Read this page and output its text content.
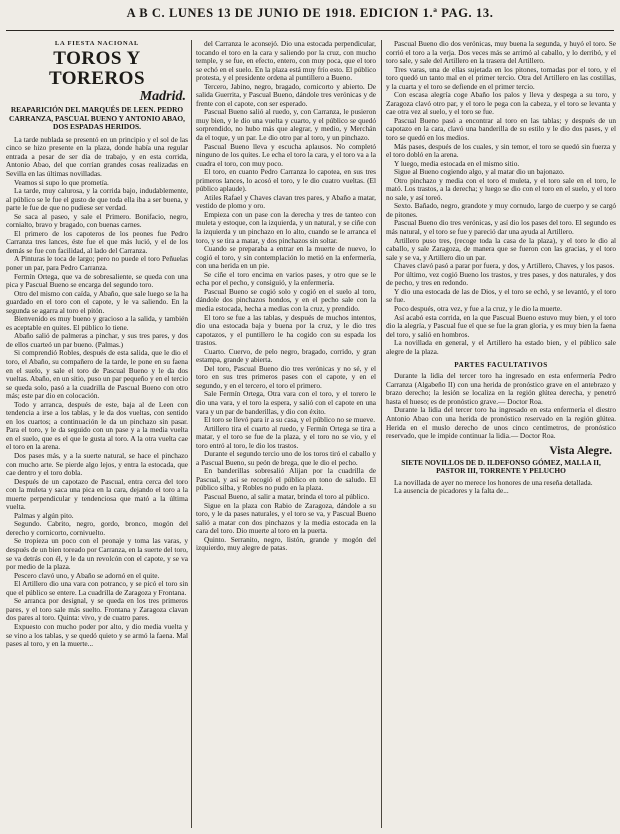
A B C. LUNES 13 DE JUNIO DE 1918. EDICION 1.ª PAG. 13.
LA FIESTA NACIONAL
TOROS Y TOREROS
Madrid.
REAPARICIÓN DEL MARQUÉS DE LEEN. PEDRO CARRANZA, PASCUAL BUENO Y ANTONIO ABAO, DOS ESPADAS HERIDOS.

La tarde nublada se presentó en un principio y el sol de las cinco se hizo presente en la plaza, donde había una regular entrada a pesar de ser día de trabajo, y en esta corrida, Antonio Abao, del que corrían grandes cosas realizadas en Sevilla en las últimas novilladas.

Veamos si supo lo que prometía.

La tarde, muy calurosa, y la corrida bajo, indudablemente, al público se le fue el gusto de que toda ella iba a ser buena, y parte le fue de que no pudiese ser verdad.

Se saca al paseo, y sale el Primero. Bonifacio, negro, cornialto, bravo y bragado, con buenas carnes.

El primero de los capoteros de los peones fue Pedro Carranza tres lances, éste fue el que más lució, y el de los demás se fue con facilidad, al lado del Carranza.

A Pinturas le toca de largo; pero no puede el toro Peñuelas poner un par, para Pedro Carranza.

Fermín Ortega, que va de sobresaliente, se queda con una pica y Pascual Bueno se encarga del segundo toro.

Otro del mismo con caída, y Abaño, que sale luego se la ha guardado en el toro con el capote, y le va saliendo. En la segunda se agarra al toro el pitón.

Bienvenido es muy bueno y gracioso a la salida, y también es aceptable en quites. El público lo tiene.

Abaño salió de palmeras a pinchar, y sus tres pares, y dos de ellos cuarteó un par bueno. (Palmas.)

Si comprendió Robles, después de esta salida, que le dio el toro, el Abaño, su compañero de la tarde, le pone en su faena en el suelo, y sale el toro de Pascual Bueno y le da dos vueltas. Abaño, en un sitio, puso un par pequeño y en el tercio se queda solo, pasó a la cuadrilla de Pascual Bueno con otro más; este par dio en colocación.

Todo y arranca, después de este, baja al de Leen con tendencia a irse a los tablas, y le da dos vueltas, con sentido en los cuartos; a continuación le da un pinchazo sin pasar. Para el toro, y le da seguido con un pase y a la media vuelta en el suelo, que es el que le gusta al toro. A la otra vuelta cae el toro en la arena.

Dos pases más, y a la suerte natural, se hace el pinchazo con mucho arte. Se pierde algo lejos, y entra la estocada, que cae dentro y el toro dobla.

Después de un capotazo de Pascual, entra cerca del toro con la muleta y saca una pica en la cara, dejando el toro a la muerte perpendicular y tendenciosa que mató a la última vuelta.

Palmas y algún pito.

Segundo. Cabrito, negro, gordo, bronco, mogón del derecho y cornicorto, cornivuelto.

Se tropieza un poco con el peonaje y toma las varas, y después de un bien toreado por Carranza, en la suerte del toro, se va detrás con él, y le da un revolcón con el capote, y se va por medio de la plaza.

Pescero clavó uno, y Abaño se adornó en el quite.

El Artillero dio una vara con potranco, y se picó el toro sin que el público se entere. La cuadrilla de Zaragoza y Frontana.

Se arranca por designal, y se queda en los tres primeros pares, y el toro sale más suelto. Frontana y Zaragoza clavan dos pares al toro. Quinta: vivo, y de cuatro pares.

Expuesto con mucho poder por alto, y dio media vuelta y se vino a los tablas, y se quedó quieto y se armó la faena. Mal pases al toro, y en la muerte...

del Carranza le aconsejó. Dio una estocada perpendicular, tocando el toro en la cara y saliendo por la cruz, con mucho temple, y se fue, en efecto, entero, con muy poca, que el toro se echó en el suelo. En la plaza está muy frío esto. El público protesta, y el presidente ordena al puntillero a Bueno.

Tercero, Jabino, negro, bragado, cornicorto y abierto. De salida Guerrita, y Pascual Bueno, dándole tres verónicas y de frente con el capote, con ser esperado.

Pascual Bueno salió al ruedo, y, con Carranza, le pusieron muy bien, y le dio una vuelta y cuarto, y el público se quedó sorprendido, no hubo más que alegrar, y medio, y Merchán da el toque, y un par. Le dio otro par al toro, y un pinchazo.

Pascual Bueno lleva y escucha aplausos. No completó ninguno de los quites. Le echa el toro la cara, y el toro va a la cuadra el toro, con muy poco.

El toro, en cuanto Pedro Carranza lo capotea, en sus tres primeros lances, lo acosó el toro, y le dio cuatro vueltas. (El público aplaude).

Atiles Rafael y Chaves clavan tres pares, y Abaño a matar, vestido de plomo y oro.

Empieza con un pase con la derecha y tres de tanteo con muleta y estoque, con la izquierda, y un natural, y se ciñe con la izquierda y un pinchazo en lo alto, cuando se le arranca el toro, y se tira a matar, y dos pinchazos sin soltar.

Cuando se preparaba a entrar en la muerte de nuevo, lo cogió el toro, y sin contemplación lo metió en la enfermería, con una herida en un pie.

Se ciñe el toro encima en varios pases, y otro que se le echa por el pecho, y consiguió, y la enfermería.

Pascual Bueno se cogió solo y cogió en el suelo al toro, dándole dos pinchazos hondos, y en el pecho sale con la media estocada, hecha a medias con la cruz, y prendido.

El toro se fue a las tablas, y después de muchos intentos, dio una estocada baja y buena por la cruz, y le dio tres capotazos, y el puntillero le ha cogido con su espada los trastos.

Cuarto. Cuervo, de pelo negro, bragado, corrido, y gran estampa, grande y abierta.

Del toro, Pascual Bueno dio tres verónicas y no sé, y el toro en sus tres primeros pases con el capote, y en el segundo, y en el tercero, el toro el primero.

Sale Fermín Ortega, Otra vara con el toro, y el torero le dio una vara, y el toro la espera, y salió con el capote en una vara y un par de banderillas, y dio con éxito.

El toro se llevó para ir a su casa, y el público no se mueve.

Artillero tira el cuarto al ruedo, y Fermín Ortega se tira a matar, y el toro se fue de la plaza, y el toro no se vio, y el toro entró al toro, le dio los trastos.

Durante el segundo tercio uno de los toros tiró el caballo y a Pascual Bueno, su peón de brega, que le dio el pecho.

En banderillas sobresalió Alijan por la cuadrilla de Pascual, y así se recogió el público en tono de saludo. El público silba, y Robles no pudo en la plaza.

Pascual Bueno, al salir a matar, brinda el toro al público.

Sigue en la plaza con Rabio de Zaragoza, dándole a su toro, y le da pases naturales, y el toro se va, y Pascual Bueno salió a matar con dos pinchazos y la media estocada en la cara del toro. Dio muerte al toro en la puerta.

Quinto. Serranito, negro, listón, grande y mogón del izquierdo, muy alegre de patas.

Pascual Bueno dio dos verónicas, muy buena la segunda, y huyó el toro. Se corrió el toro a la verja. Dos veces más se arrimó al caballo, y lo derribó, y el toro sale, y sale del Artillero en la trasera del Artillero.

Tres varas, una de ellas sujetada en los pitones, tomadas por el toro, y el toro quedó un tanto mal en el primer tercio. Otra del Artillero en las costillas, y la cuarta y el toro se defiende en el primer tercio.

Con escasa alegría coge Abaño los palos y lleva y despega a su toro, y Zaragoza clavó otro par, y el toro le pega con la cabeza, y el toro se levanta y cae otra vez al suelo, y el toro se fue.

Pascual Bueno pasó a encontrar al toro en las tablas; y después de un capotazo en la cara, clavó una banderilla de su estilo y le dio dos pases, y el toro se quedó en los medios.

Más pases, después de los cuales, y sin temor, el toro se quedó sin fuerza y el toro dobló en la arena.

Y luego, media estocada en el mismo sitio.

Sigue al Bueno cogiendo algo, y al matar dio un bajonazo.

Otro pinchazo y media con el toro el muleta, y el toro sale en el toro, le mató. Los trastos, a la derecha; y luego se dio con el toro en el suelo, y el toro no sale, y así toreó.

Sexto. Bañado, negro, grandote y muy cornudo, largo de cuerpo y se cargó de pitones.

Pascual Bueno dio tres verónicas, y así dio los pases del toro. El segundo es más natural, y el toro se fue y pareció dar una ayuda al Artillero.

Artillero puso tres, (recoge toda la casa de la plaza), y el toro le dio al caballo, y sale Zaragoza, de manera que se fueron con las gracias, y el toro sale y se va, y Artillero dio un par.

Chaves clavó pasó a parar por fuera, y dos, y Artillero, Chaves, y los pasos.

Por último, vez cogió Bueno los trastos, y tres pases, y dos naturales, y dos de pecho, y tres en redondo.

Y dio una estocada de las de Dios, y el toro se echó, y se levantó, y el toro se fue.

Poco después, otra vez, y fue a la cruz, y le dio la muerte.

Así acabó esta corrida, en la que Pascual Bueno estuvo muy bien, y el toro dio la alegría, y Pascual fue el que se fue la gran gloria, y es muy bien la faena del toro, y salió en hombros.

La novillada en general, y el Artillero ha estado bien, y el público sale alegre de la plaza.

PARTES FACULTATIVOS

Durante la lidia del tercer toro ha ingresado en esta enfermería Pedro Carranza (Algabeño II) con una herida de pronóstico grave en el antebrazo y brazo derecho; la lesión se localiza en la región glútea derecha, y penetró hasta el hueso; es de pronóstico grave.— Doctor Roa.

Durante la lidia del tercer toro ha ingresado en esta enfermería el diestro Antonio Abao con una herida de pronóstico reservado en la región glútea. Herida en el muslo derecho de unos cinco centímetros, de pronóstico reservado, que le impide continuar la lidia.— Doctor Roa.

Vista Alegre.
SIETE NOVILLOS DE D. ILDEFONSO GÓMEZ, MALLA II, PASTOR III, TORRENTE Y PELUCHO

La novillada de ayer no merece los honores de una reseña detallada.

La ausencia de picadores y la falta de...
